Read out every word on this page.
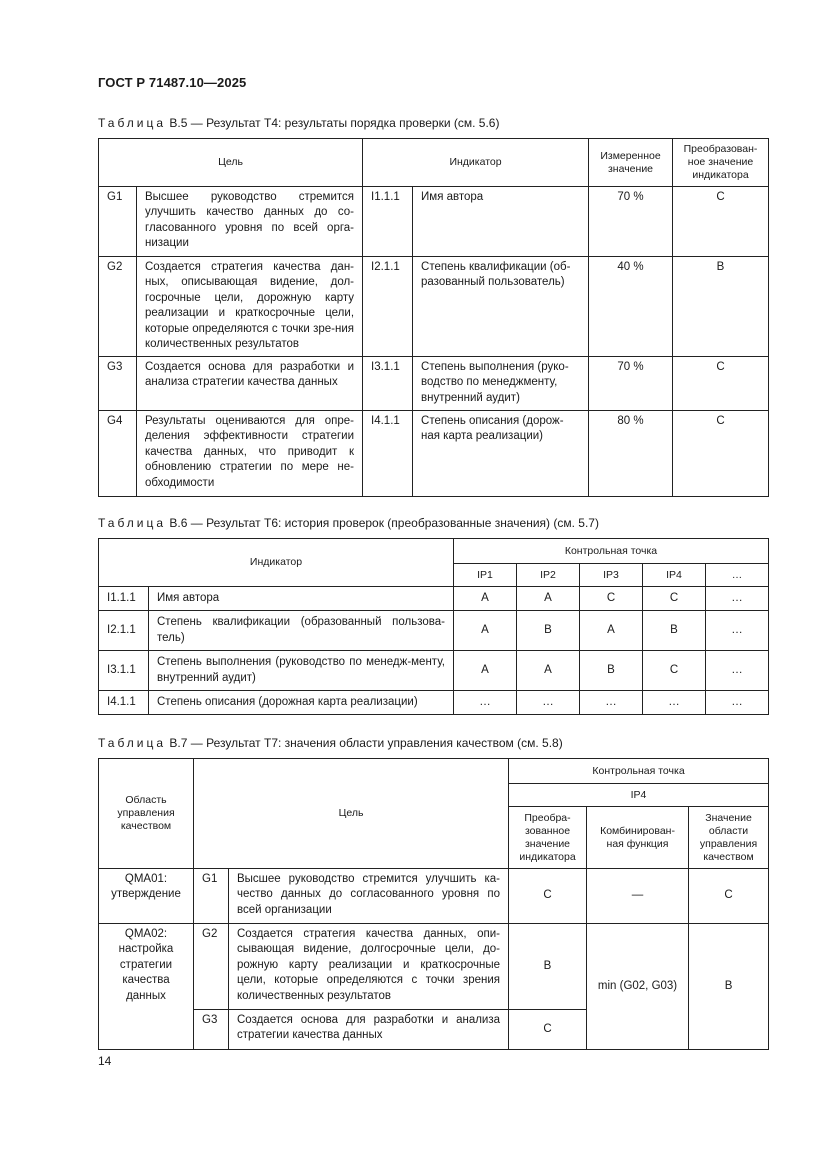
ГОСТ Р 71487.10—2025
Таблица В.5 — Результат Т4: результаты порядка проверки (см. 5.6)
Цель		Индикатор		Измеренное значение	Преобразован-ное значение индикатора
G1	Высшее руководство стремится улучшить качество данных до со-гласованного уровня по всей орга-низации	I1.1.1	Имя автора	70 %	C
G2	Создается стратегия качества дан-ных, описывающая видение, дол-госрочные цели, дорожную карту реализации и краткосрочные цели, которые определяются с точки зре-ния количественных результатов	I2.1.1	Степень квалификации (об-разованный пользователь)	40 %	B
G3	Создается основа для разработки и анализа стратегии качества данных	I3.1.1	Степень выполнения (руко-водство по менеджменту, внутренний аудит)	70 %	C
G4	Результаты оцениваются для опре-деления эффективности стратегии качества данных, что приводит к обновлению стратегии по мере не-обходимости	I4.1.1	Степень описания (дорож-ная карта реализации)	80 %	C
Таблица В.6 — Результат Т6: история проверок (преобразованные значения) (см. 5.7)
Индикатор		Контрольная точка				
		IP1	IP2	IP3	IP4	…
I1.1.1	Имя автора	A	A	C	C	…
I2.1.1	Степень квалификации (образованный пользова-тель)	A	B	A	B	…
I3.1.1	Степень выполнения (руководство по менедж-менту, внутренний аудит)	A	A	B	C	…
I4.1.1	Степень описания (дорожная карта реализации)	…	…	…	…	…
Таблица В.7 — Результат Т7: значения области управления качеством (см. 5.8)
Область управления качеством	Цель		Контрольная точка		
			IP4		
			Преобра-зованное значение индикатора	Комбинирован-ная функция	Значение области управления качеством
QMA01: утверждение	G1	Высшее руководство стремится улучшить ка-чество данных до согласованного уровня по всей организации	C	—	C
QMA02: настройка стратегии качества данных	G2	Создается стратегия качества данных, опи-сывающая видение, долгосрочные цели, до-рожную карту реализации и краткосрочные цели, которые определяются с точки зрения количественных результатов	B	min (G02, G03)	B
	G3	Создается основа для разработки и анализа стратегии качества данных	C		
14
